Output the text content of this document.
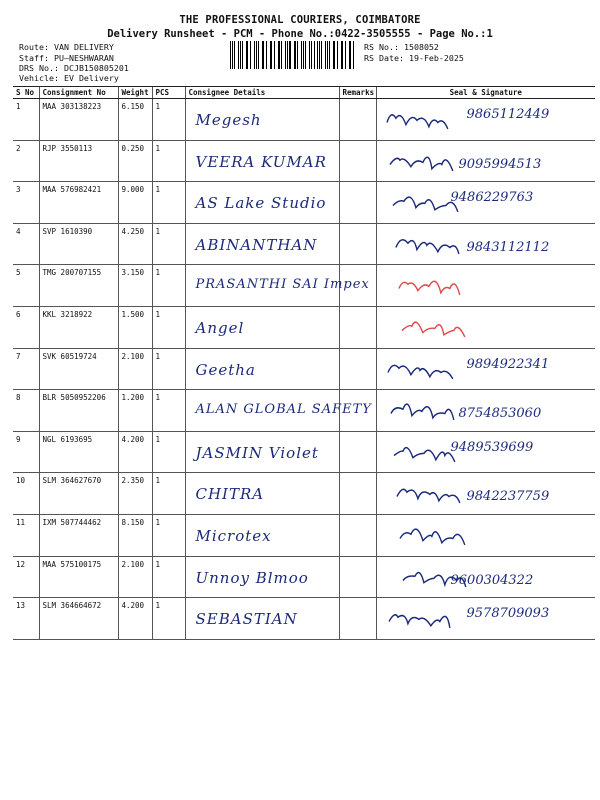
THE PROFESSIONAL COURIERS, COIMBATORE
Delivery Runsheet - PCM - Phone No.:0422-3505555 - Page No.:1
Route: VAN DELIVERY
Staff: PU—NESHWARAN
DRS No.: DCJB150805201
Vehicle: EV Delivery
RS No.: 1508052
RS Date: 19-Feb-2025
S No	Consignment No	Weight	PCS	Consignee Details	Remarks	Seal & Signature
1	MAA 303138223	6.150	1	Megesh		9865112449

2	RJP 3550113	0.250	1	VEERA KUMAR		9095994513

3	MAA 576982421	9.000	1	AS Lake Studio		9486229763

4	SVP 1610390	4.250	1	ABINANTHAN		9843112112

5	TMG 200707155	3.150	1	PRASANTHI SAI Impex

6	KKL 3218922	1.500	1	Angel

7	SVK 60519724	2.100	1	Geetha		9894922341

8	BLR 5050952206	1.200	1	ALAN GLOBAL SAFETY		8754853060

9	NGL 6193695	4.200	1	JASMIN Violet		9489539699

10	SLM 364627670	2.350	1	CHITRA		9842237759

11	IXM 507744462	8.150	1	Microtex

12	MAA 575100175	2.100	1	Unnoy Blmoo		9600304322

13	SLM 364664672	4.200	1	SEBASTIAN		9578709093
